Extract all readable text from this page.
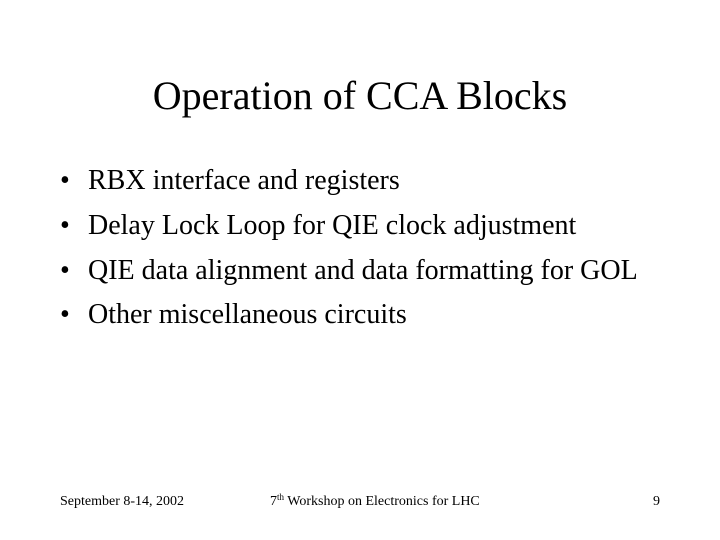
Operation of CCA Blocks
• RBX interface and registers
• Delay Lock Loop for QIE clock adjustment
• QIE data alignment and data formatting for GOL
• Other miscellaneous circuits
September 8-14, 2002	7th Workshop on Electronics for LHC	9
